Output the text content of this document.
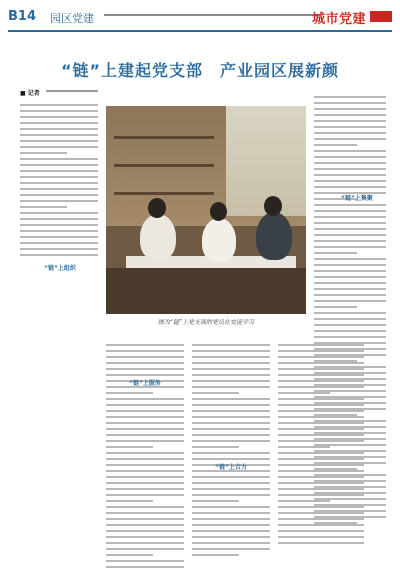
B14 园区党建	城市党建
“链”上建起党支部　产业园区展新颜
■ 记者
“链”上组织
“链”上服务
“链”上合力
“链”上集聚
图为“链”上党支部的党员在交流学习
